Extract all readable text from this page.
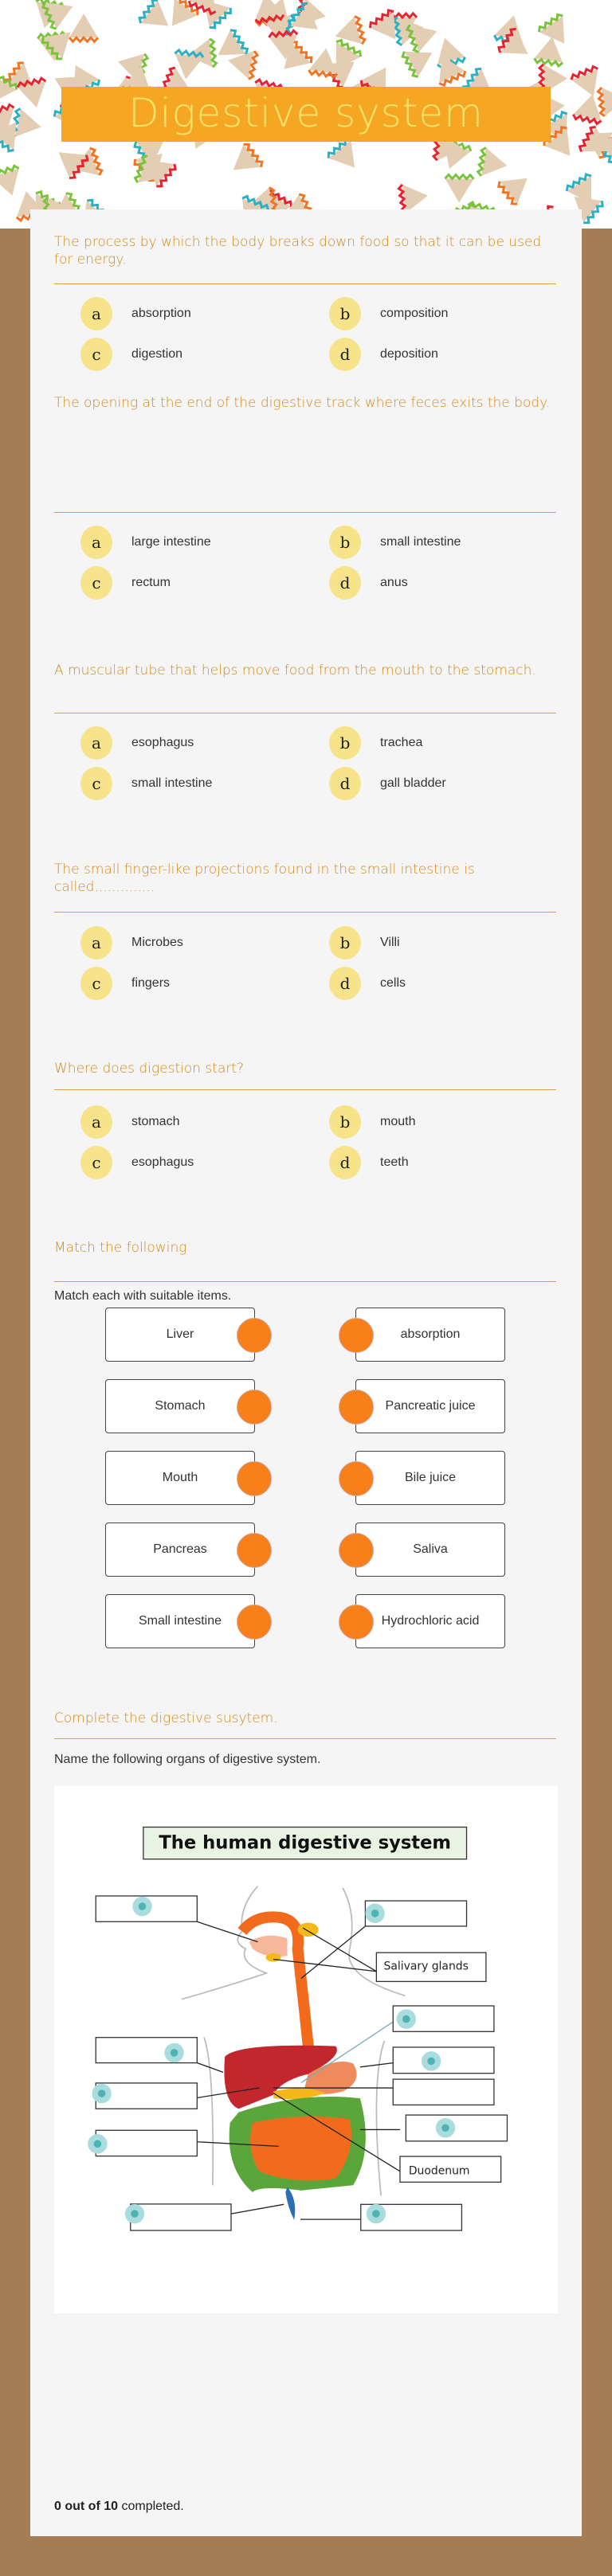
Digestive system
The process by which the body breaks down food so that it can be used for energy.
The opening at the end of the digestive track where feces exits the body.
A muscular tube that helps move food from the mouth to the stomach.
The small finger-like projections found in the small intestine is called..............
Where does digestion start?
Match the following
Match each with suitable items.
Complete the digestive susytem.
Name the following organs of digestive system.
The human digestive system
Salivary glands
Duodenum
0 out of 10 completed.
a	absorption	b	composition
c	digestion	d	deposition
a	large intestine	b	small intestine
c	rectum	d	anus
a	esophagus	b	trachea
c	small intestine	d	gall bladder
a	Microbes	b	Villi
c	fingers	d	cells
a	stomach	b	mouth
c	esophagus	d	teeth
Liver	absorption
Stomach	Pancreatic juice
Mouth	Bile juice
Pancreas	Saliva
Small intestine	Hydrochloric acid
